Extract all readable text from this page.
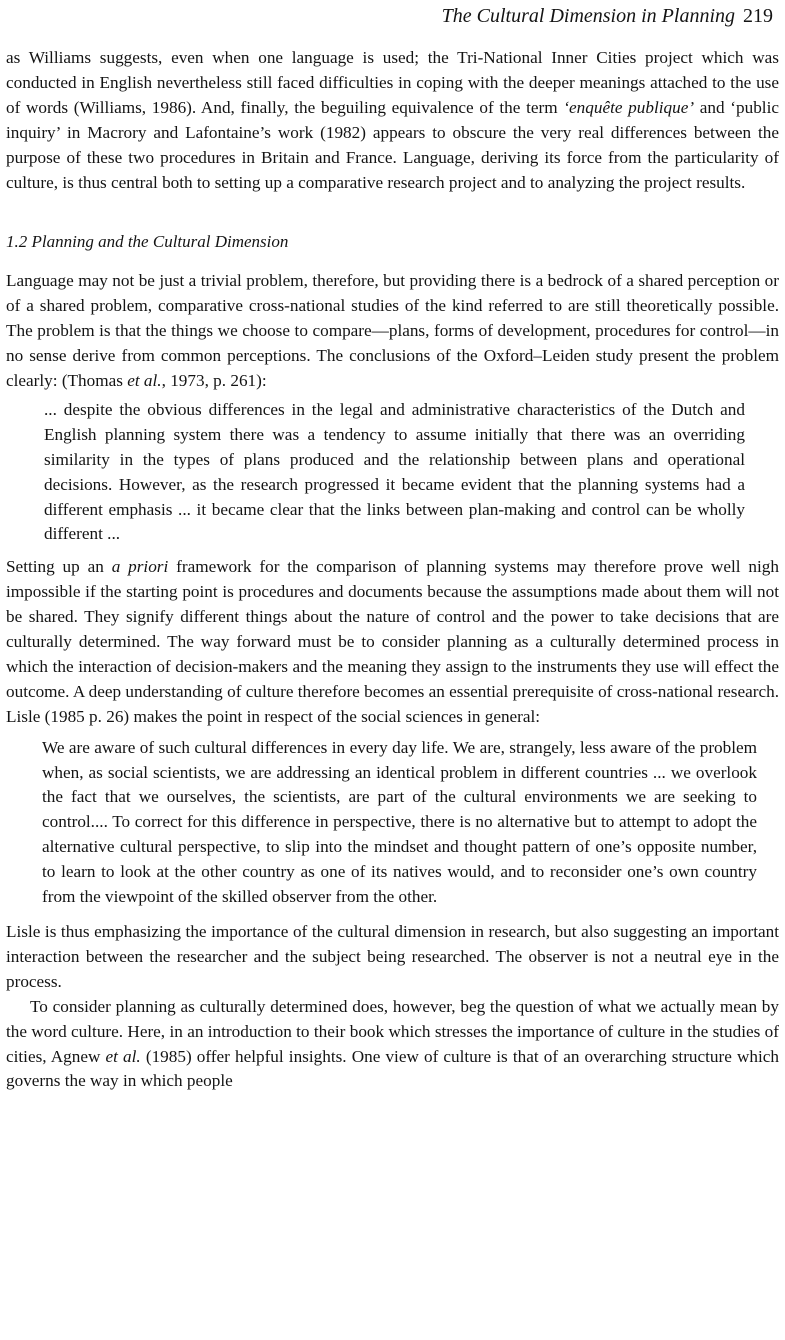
The Cultural Dimension in Planning 219

as Williams suggests, even when one language is used; the Tri-National Inner Cities project which was conducted in English nevertheless still faced difficulties in coping with the deeper meanings attached to the use of words (Williams, 1986). And, finally, the beguiling equivalence of the term ‘enquête publique’ and ‘public inquiry’ in Macrory and Lafontaine’s work (1982) appears to obscure the very real differences between the purpose of these two procedures in Britain and France. Language, deriving its force from the particularity of culture, is thus central both to setting up a comparative research project and to analyzing the project results.

1.2 Planning and the Cultural Dimension

Language may not be just a trivial problem, therefore, but providing there is a bedrock of a shared perception or of a shared problem, comparative cross-national studies of the kind referred to are still theoretically possible. The problem is that the things we choose to compare—plans, forms of development, procedures for control—in no sense derive from common perceptions. The conclusions of the Oxford–Leiden study present the problem clearly: (Thomas et al., 1973, p. 261):

... despite the obvious differences in the legal and administrative characteristics of the Dutch and English planning system there was a tendency to assume initially that there was an overriding similarity in the types of plans produced and the relationship between plans and operational decisions. However, as the research progressed it became evident that the planning systems had a different emphasis ... it became clear that the links between plan-making and control can be wholly different ...

Setting up an a priori framework for the comparison of planning systems may therefore prove well nigh impossible if the starting point is procedures and documents because the assumptions made about them will not be shared. They signify different things about the nature of control and the power to take decisions that are culturally determined. The way forward must be to consider planning as a culturally determined process in which the interaction of decision-makers and the meaning they assign to the instruments they use will effect the outcome. A deep understanding of culture therefore becomes an essential prerequisite of cross-national research. Lisle (1985 p. 26) makes the point in respect of the social sciences in general:

We are aware of such cultural differences in every day life. We are, strangely, less aware of the problem when, as social scientists, we are addressing an identical problem in different countries ... we overlook the fact that we ourselves, the scientists, are part of the cultural environments we are seeking to control.... To correct for this difference in perspective, there is no alternative but to attempt to adopt the alternative cultural perspective, to slip into the mindset and thought pattern of one’s opposite number, to learn to look at the other country as one of its natives would, and to reconsider one’s own country from the viewpoint of the skilled observer from the other.

Lisle is thus emphasizing the importance of the cultural dimension in research, but also suggesting an important interaction between the researcher and the subject being researched. The observer is not a neutral eye in the process.

To consider planning as culturally determined does, however, beg the question of what we actually mean by the word culture. Here, in an introduction to their book which stresses the importance of culture in the studies of cities, Agnew et al. (1985) offer helpful insights. One view of culture is that of an overarching structure which governs the way in which people
